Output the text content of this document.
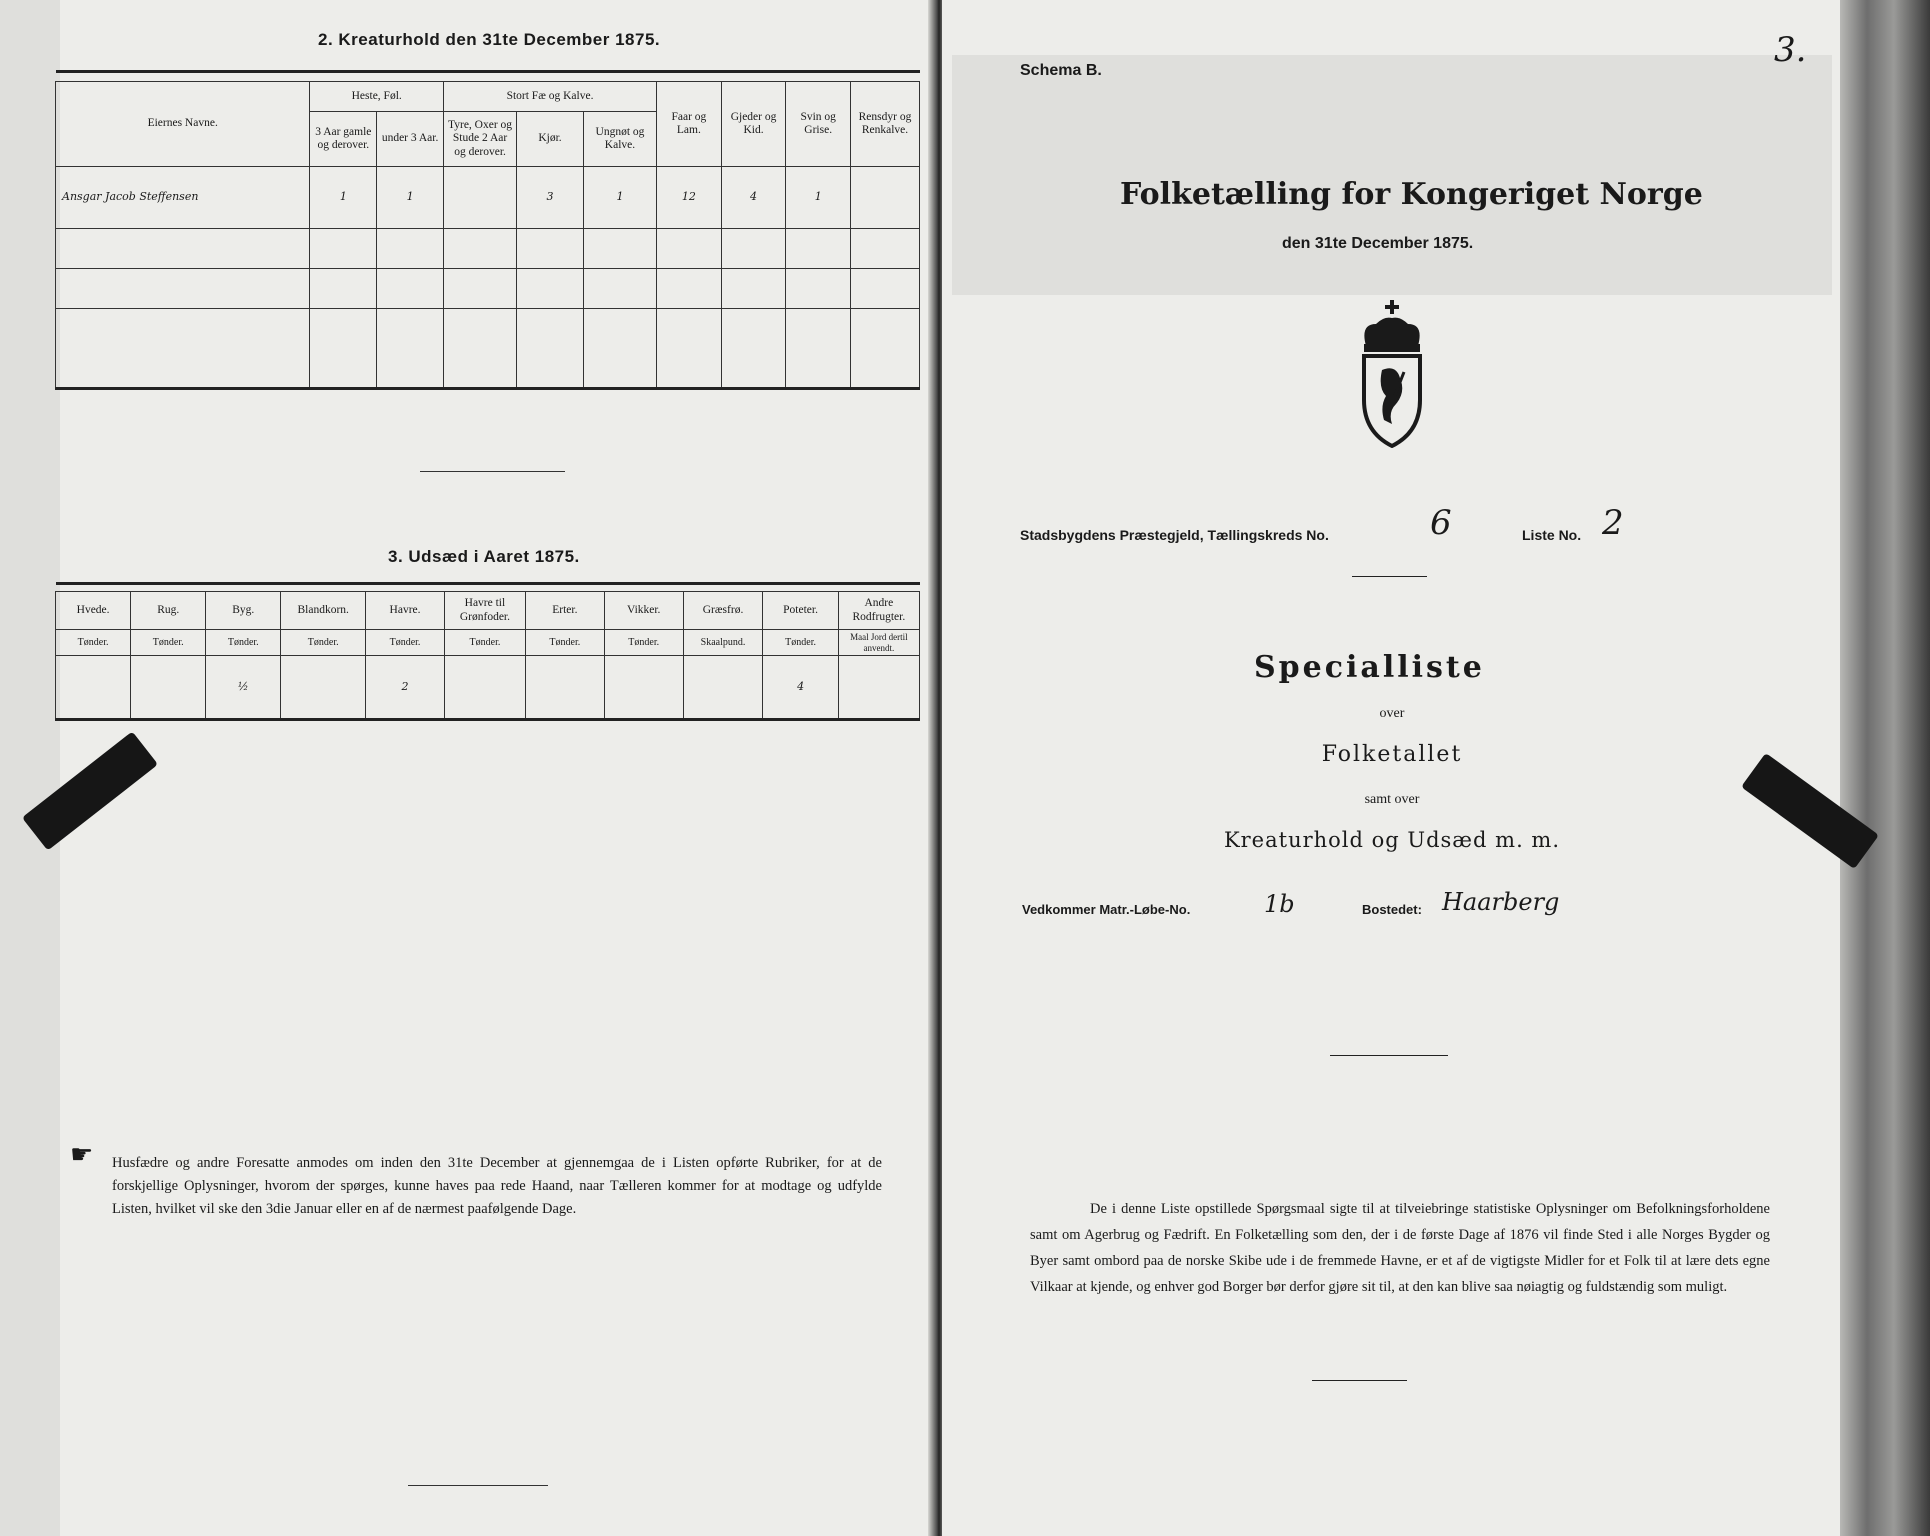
2. Kreaturhold den 31te December 1875.

Eiernes Navne.	Heste, Føl.		Stort Fæ og Kalve.			Faar og Lam.	Gjeder og Kid.	Svin og Grise.	Rensdyr og Renkalve.
	3 Aar gamle og derover.	under 3 Aar.	Tyre, Oxer og Stude 2 Aar og derover.	Kjør.	Ungnøt og Kalve.				
Ansgar Jacob Steffensen	1	1		3	1	12	4	1	

3. Udsæd i Aaret 1875.

Hvede.	Rug.	Byg.	Blandkorn.	Havre.	Havre til Grønfoder.	Erter.	Vikker.	Græsfrø.	Poteter.	Andre Rodfrugter.
Tønder.	Tønder.	Tønder.	Tønder.	Tønder.	Tønder.	Tønder.	Tønder.	Skaalpund.	Tønder.	Maal Jord dertil anvendt.
		½		2					4	
☛ Husfædre og andre Foresatte anmodes om inden den 31te December at gjennemgaa de i Listen opførte Rubriker, for at de forskjellige Oplysninger, hvorom der spørges, kunne haves paa rede Haand, naar Tælleren kommer for at modtage og udfylde Listen, hvilket vil ske den 3die Januar eller en af de nærmest paafølgende Dage.
Schema B.
3.
Folketælling for Kongeriget Norge
den 31te December 1875.
Stadsbygdens Præstegjeld, Tællingskreds No.	6	Liste No. 2
Specialliste
over
Folketallet
samt over
Kreaturhold og Udsæd m. m.
Vedkommer Matr.-Løbe-No.	1b	Bostedet: Haarberg
De i denne Liste opstillede Spørgsmaal sigte til at tilveiebringe statistiske Oplysninger om Befolkningsforholdene samt om Agerbrug og Fædrift. En Folketælling som den, der i de første Dage af 1876 vil finde Sted i alle Norges Bygder og Byer samt ombord paa de norske Skibe ude i de fremmede Havne, er et af de vigtigste Midler for et Folk til at lære dets egne Vilkaar at kjende, og enhver god Borger bør derfor gjøre sit til, at den kan blive saa nøiagtig og fuldstændig som muligt.
